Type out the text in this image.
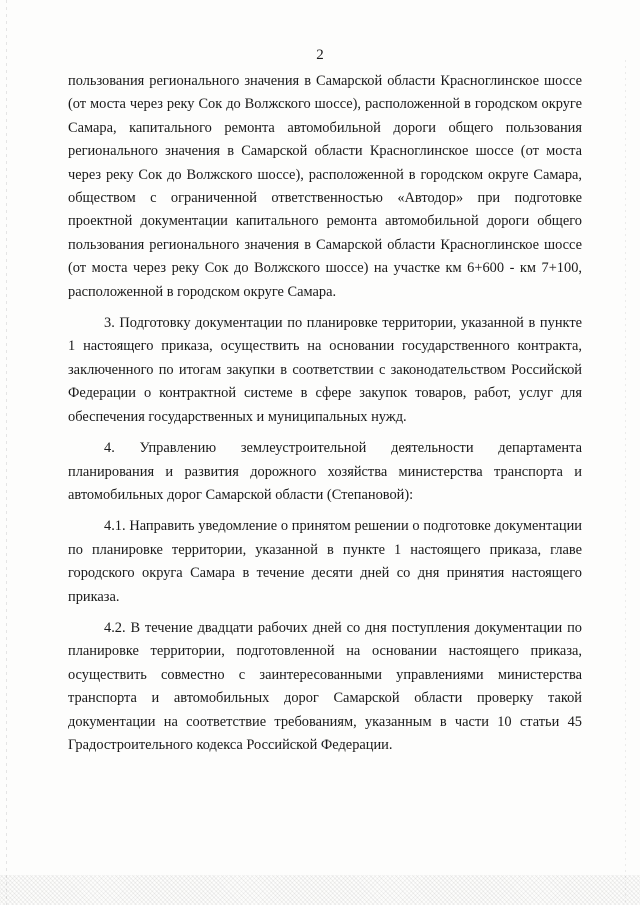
2

пользования регионального значения в Самарской области Красноглинское шоссе (от моста через реку Сок до Волжского шоссе), расположенной в городском округе Самара, капитального ремонта автомобильной дороги общего пользования регионального значения в Самарской области Красноглинское шоссе (от моста через реку Сок до Волжского шоссе), расположенной в городском округе Самара, обществом с ограниченной ответственностью «Автодор» при подготовке проектной документации капитального ремонта автомобильной дороги общего пользования регионального значения в Самарской области Красноглинское шоссе (от моста через реку Сок до Волжского шоссе) на участке км 6+600 - км 7+100, расположенной в городском округе Самара.

3. Подготовку документации по планировке территории, указанной в пункте 1 настоящего приказа, осуществить на основании государственного контракта, заключенного по итогам закупки в соответствии с законодательством Российской Федерации о контрактной системе в сфере закупок товаров, работ, услуг для обеспечения государственных и муниципальных нужд.

4. Управлению землеустроительной деятельности департамента планирования и развития дорожного хозяйства министерства транспорта и автомобильных дорог Самарской области (Степановой):

4.1. Направить уведомление о принятом решении о подготовке документации по планировке территории, указанной в пункте 1 настоящего приказа, главе городского округа Самара в течение десяти дней со дня принятия настоящего приказа.

4.2. В течение двадцати рабочих дней со дня поступления документации по планировке территории, подготовленной на основании настоящего приказа, осуществить совместно с заинтересованными управлениями министерства транспорта и автомобильных дорог Самарской области проверку такой документации на соответствие требованиям, указанным в части 10 статьи 45 Градостроительного кодекса Российской Федерации.
